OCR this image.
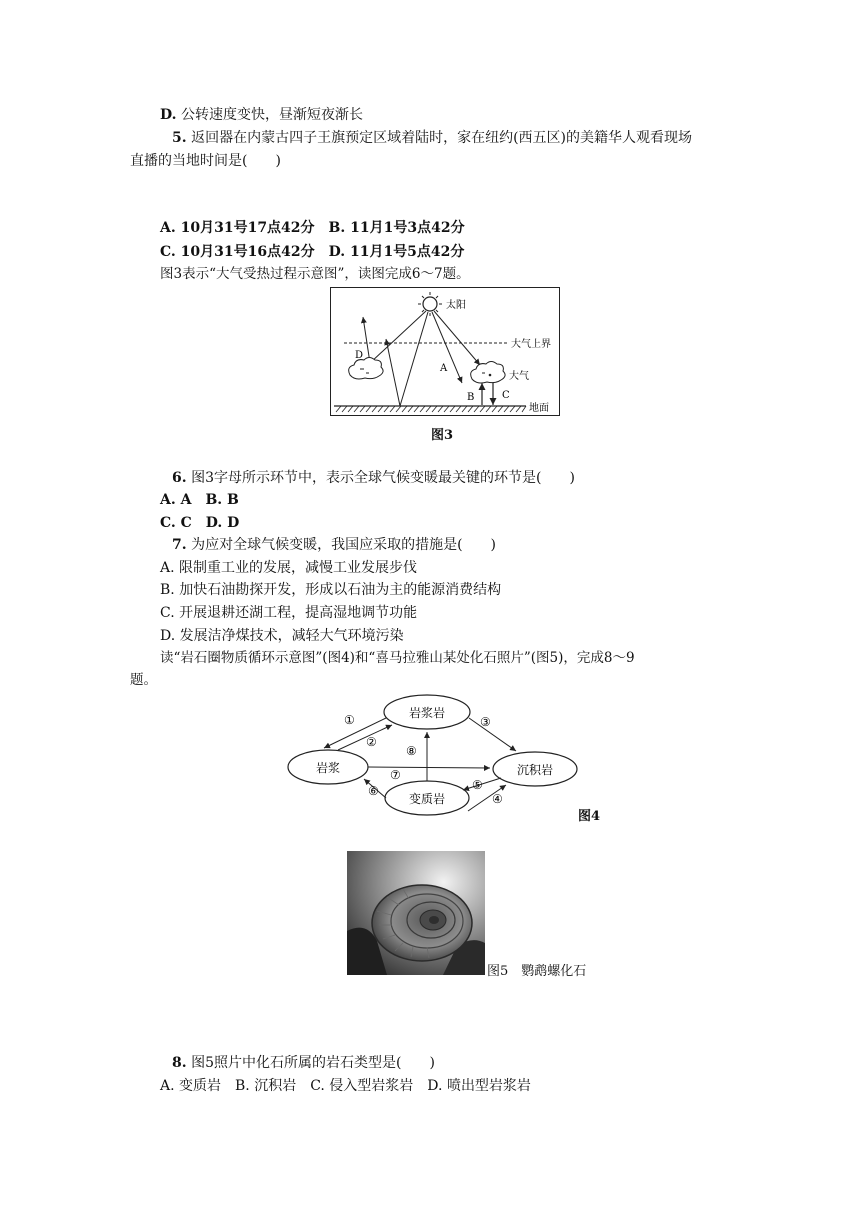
D. 公转速度变快，昼渐短夜渐长
5. 返回器在内蒙古四子王旗预定区域着陆时，家在纽约(西五区)的美籍华人观看现场
直播的当地时间是(　　)
A. 10月31号17点42分　B. 11月1号3点42分
C. 10月31号16点42分　D. 11月1号5点42分
图3表示“大气受热过程示意图”，读图完成6～7题。
太阳
大气上界
大气
D
A
B	C
地面
图3
6. 图3字母所示环节中，表示全球气候变暖最关键的环节是(　　)
A. A　B. B
C. C　D. D
7. 为应对全球气候变暖，我国应采取的措施是(　　)
A. 限制重工业的发展，减慢工业发展步伐
B. 加快石油勘探开发，形成以石油为主的能源消费结构
C. 开展退耕还湖工程，提高湿地调节功能
D. 发展洁净煤技术，减轻大气环境污染
读“岩石圈物质循环示意图”(图4)和“喜马拉雅山某处化石照片”(图5)，完成8～9
题。
岩浆岩
岩浆	沉积岩
变质岩
①
②
③
④
⑤
⑥
⑦
⑧
图4
图5　鹦鹉螺化石
8. 图5照片中化石所属的岩石类型是(　　)
A. 变质岩　B. 沉积岩　C. 侵入型岩浆岩　D. 喷出型岩浆岩
